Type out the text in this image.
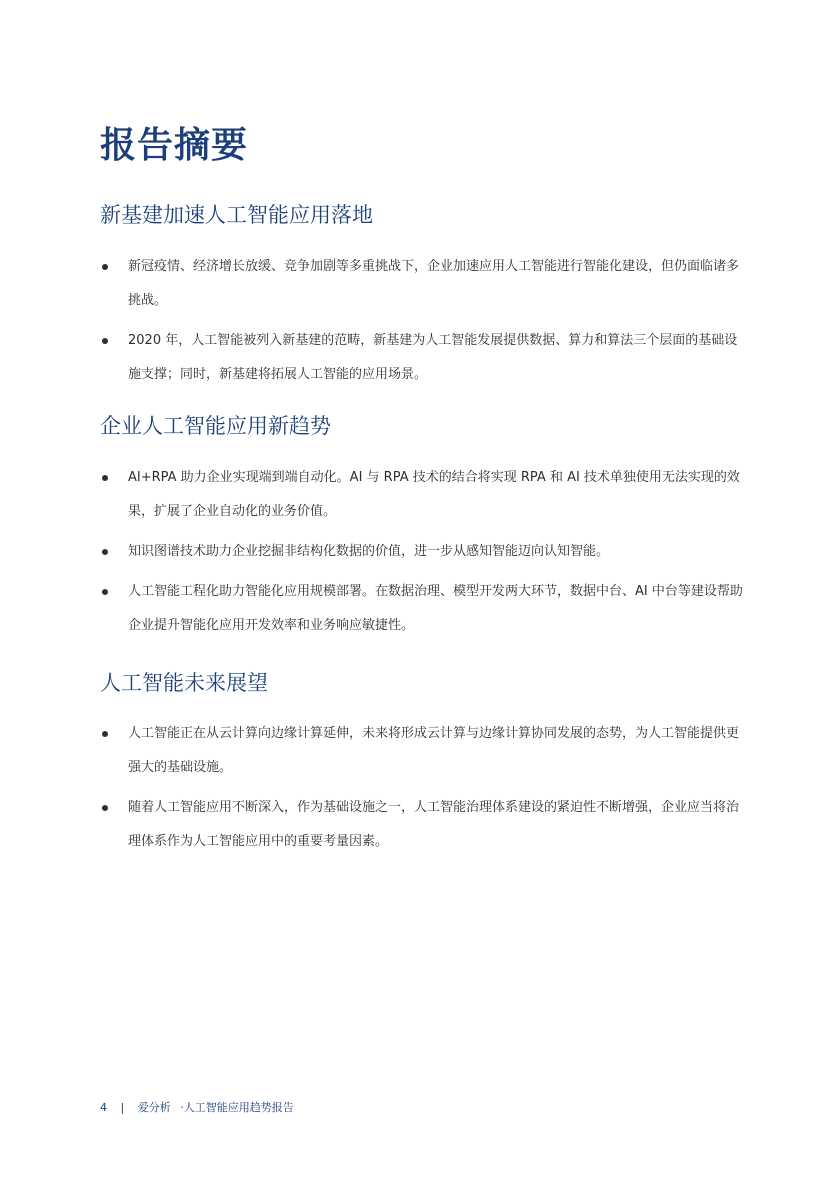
报告摘要
新基建加速人工智能应用落地
新冠疫情、经济增长放缓、竞争加剧等多重挑战下，企业加速应用人工智能进行智能化建设，但仍面临诸多挑战。
2020 年，人工智能被列入新基建的范畴，新基建为人工智能发展提供数据、算力和算法三个层面的基础设施支撑；同时，新基建将拓展人工智能的应用场景。
企业人工智能应用新趋势
AI+RPA 助力企业实现端到端自动化。AI 与 RPA 技术的结合将实现 RPA 和 AI 技术单独使用无法实现的效果，扩展了企业自动化的业务价值。
知识图谱技术助力企业挖掘非结构化数据的价值，进一步从感知智能迈向认知智能。
人工智能工程化助力智能化应用规模部署。在数据治理、模型开发两大环节，数据中台、AI 中台等建设帮助企业提升智能化应用开发效率和业务响应敏捷性。
人工智能未来展望
人工智能正在从云计算向边缘计算延伸，未来将形成云计算与边缘计算协同发展的态势，为人工智能提供更强大的基础设施。
随着人工智能应用不断深入，作为基础设施之一，人工智能治理体系建设的紧迫性不断增强，企业应当将治理体系作为人工智能应用中的重要考量因素。
4 | 爱分析 ·人工智能应用趋势报告
